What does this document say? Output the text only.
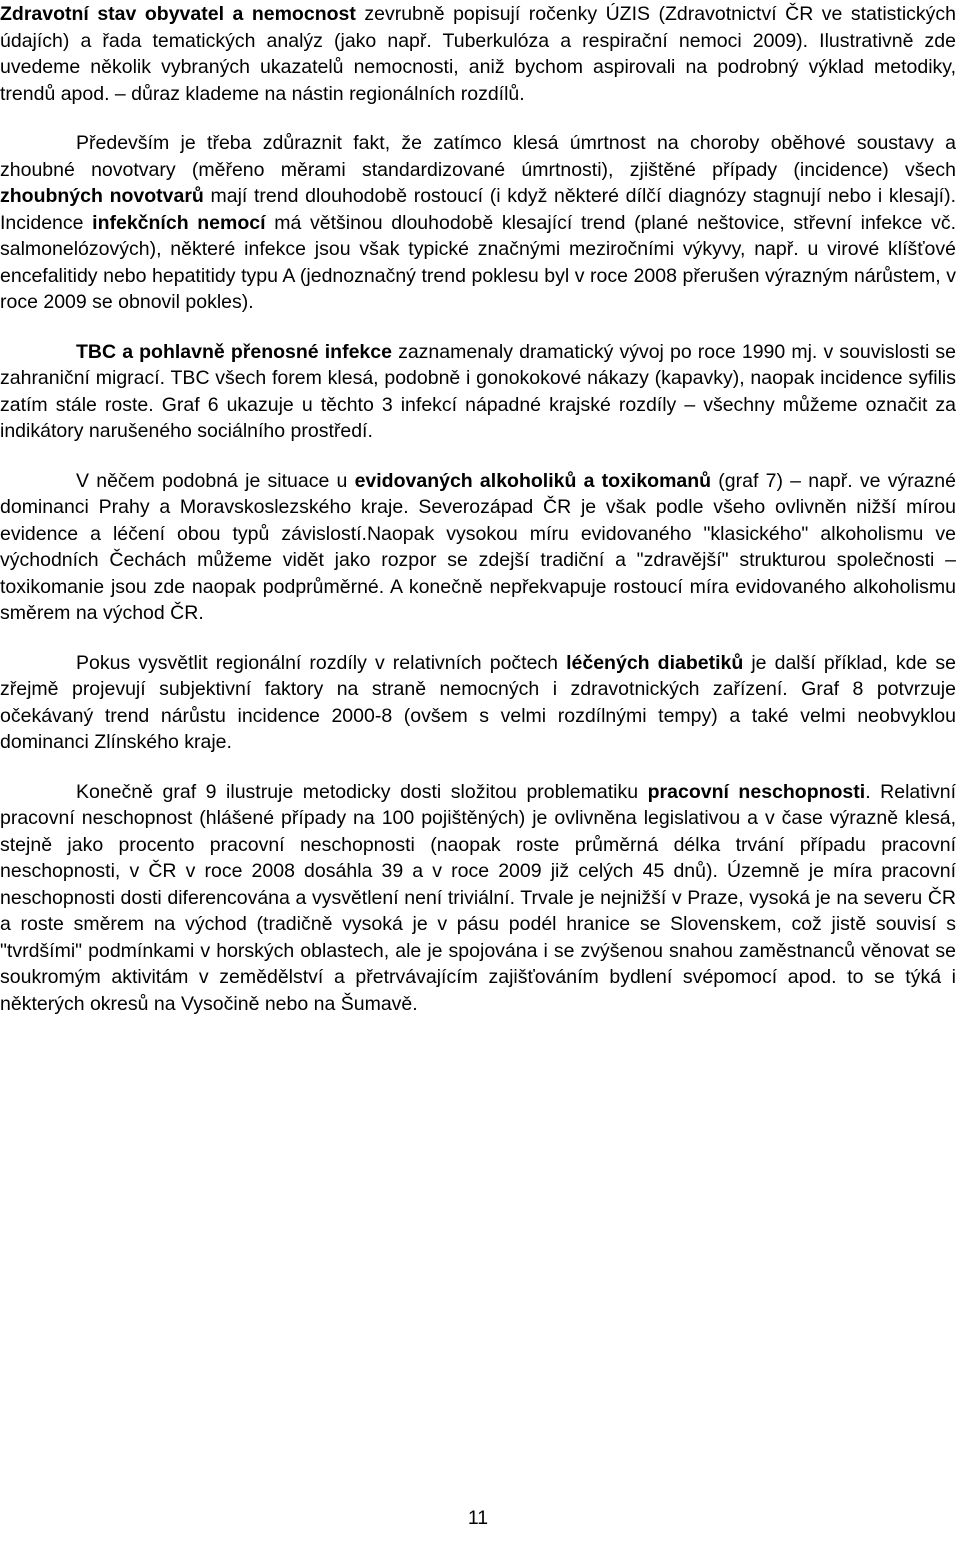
Zdravotní stav obyvatel a nemocnost zevrubně popisují ročenky ÚZIS (Zdravotnictví ČR ve statistických údajích) a řada tematických analýz (jako např. Tuberkulóza a respirační nemoci 2009). Ilustrativně zde uvedeme několik vybraných ukazatelů nemocnosti, aniž bychom aspirovali na podrobný výklad metodiky, trendů apod. – důraz klademe na nástin regionálních rozdílů.

Především je třeba zdůraznit fakt, že zatímco klesá úmrtnost na choroby oběhové soustavy a zhoubné novotvary (měřeno měrami standardizované úmrtnosti), zjištěné případy (incidence) všech zhoubných novotvarů mají trend dlouhodobě rostoucí (i když některé dílčí diagnózy stagnují nebo i klesají). Incidence infekčních nemocí má většinou dlouhodobě klesající trend (plané neštovice, střevní infekce vč. salmonelózových), některé infekce jsou však typické značnými meziročními výkyvy, např. u virové klíšťové encefalitidy nebo hepatitidy typu A (jednoznačný trend poklesu byl v roce 2008 přerušen výrazným nárůstem, v roce 2009 se obnovil pokles).

TBC a pohlavně přenosné infekce zaznamenaly dramatický vývoj po roce 1990 mj. v souvislosti se zahraniční migrací. TBC všech forem klesá, podobně i gonokokové nákazy (kapavky), naopak incidence syfilis zatím stále roste. Graf 6 ukazuje u těchto 3 infekcí nápadné krajské rozdíly – všechny můžeme označit za indikátory narušeného sociálního prostředí.

V něčem podobná je situace u evidovaných alkoholiků a toxikomanů (graf 7) – např. ve výrazné dominanci Prahy a Moravskoslezského kraje. Severozápad ČR je však podle všeho ovlivněn nižší mírou evidence a léčení obou typů závislostí.Naopak vysokou míru evidovaného "klasického" alkoholismu ve východních Čechách můžeme vidět jako rozpor se zdejší tradiční a "zdravější" strukturou společnosti – toxikomanie jsou zde naopak podprůměrné. A konečně nepřekvapuje rostoucí míra evidovaného alkoholismu směrem na východ ČR.

Pokus vysvětlit regionální rozdíly v relativních počtech léčených diabetiků je další příklad, kde se zřejmě projevují subjektivní faktory na straně nemocných i zdravotnických zařízení. Graf 8 potvrzuje očekávaný trend nárůstu incidence 2000-8 (ovšem s velmi rozdílnými tempy) a také velmi neobvyklou dominanci Zlínského kraje.

Konečně graf 9 ilustruje metodicky dosti složitou problematiku pracovní neschopnosti. Relativní pracovní neschopnost (hlášené případy na 100 pojištěných) je ovlivněna legislativou a v čase výrazně klesá, stejně jako procento pracovní neschopnosti (naopak roste průměrná délka trvání případu pracovní neschopnosti, v ČR v roce 2008 dosáhla 39 a v roce 2009 již celých 45 dnů). Územně je míra pracovní neschopnosti dosti diferencována a vysvětlení není triviální. Trvale je nejnižší v Praze, vysoká je na severu ČR a roste směrem na východ (tradičně vysoká je v pásu podél hranice se Slovenskem, což jistě souvisí s "tvrdšími" podmínkami v horských oblastech, ale je spojována i se zvýšenou snahou zaměstnanců věnovat se soukromým aktivitám v zemědělství a přetrvávajícím zajišťováním bydlení svépomocí apod. to se týká i některých okresů na Vysočině nebo na Šumavě.

11
